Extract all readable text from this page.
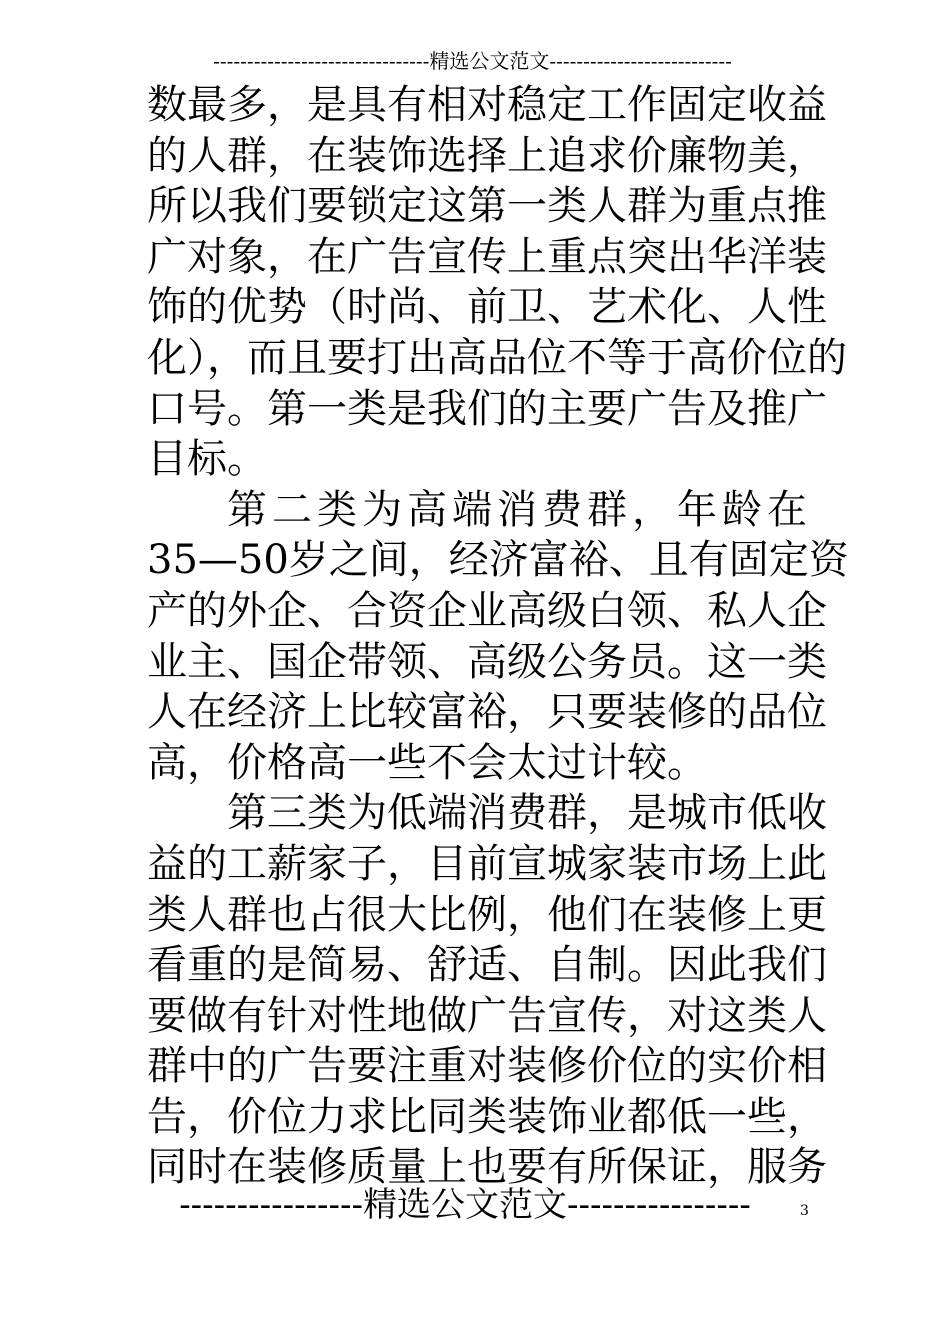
--------------------------------精选公文范文---------------------------
数最多，是具有相对稳定工作固定收益
的人群，在装饰选择上追求价廉物美，
所以我们要锁定这第一类人群为重点推
广对象，在广告宣传上重点突出华洋装
饰的优势（时尚、前卫、艺术化、人性
化），而且要打出高品位不等于高价位的
口号。第一类是我们的主要广告及推广
目标。
第二类为高端消费群，年龄在
35—50岁之间，经济富裕、且有固定资
产的外企、合资企业高级白领、私人企
业主、国企带领、高级公务员。这一类
人在经济上比较富裕，只要装修的品位
高，价格高一些不会太过计较。
第三类为低端消费群，是城市低收
益的工薪家子，目前宣城家装市场上此
类人群也占很大比例，他们在装修上更
看重的是简易、舒适、自制。因此我们
要做有针对性地做广告宣传，对这类人
群中的广告要注重对装修价位的实价相
告，价位力求比同类装饰业都低一些，
同时在装修质量上也要有所保证，服务
----------------精选公文范文----------------	3
